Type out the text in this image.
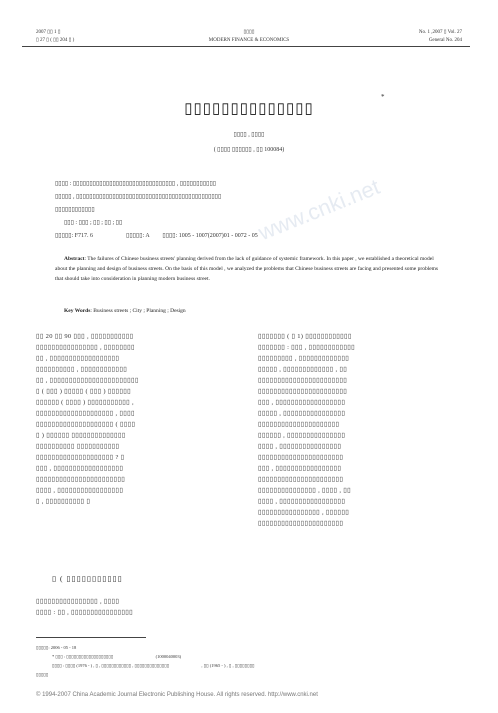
2007 ▯▯ 1 ▯
▯ 27 ▯ ( ▯▯ 204 ▯ )
▯▯▯▯
MODERN FINANCE & ECONOMICS
No. 1 ,2007 ▯ Vol. 27
General No. 204
www.cnki.net
▯▯▯▯▯▯▯▯▯▯▯▯▯▯
*
▯▯▯▯ , ▯▯▯▯
( ▯▯▯▯ ▯▯▯▯▯▯ , ▯▯ 100084)
▯▯▯▯ : ▯▯▯▯▯▯▯▯▯▯▯▯▯▯▯▯▯▯▯▯▯▯▯▯▯▯▯▯▯▯▯ , ▯▯▯▯▯▯▯▯▯▯▯
▯▯▯▯▯ , ▯▯▯▯▯▯▯▯▯▯▯▯▯▯▯▯▯▯▯▯▯▯▯▯▯▯▯▯▯▯▯▯▯▯▯▯▯▯▯▯▯▯▯▯
▯▯▯▯▯▯▯▯▯▯▯▯
▯▯▯ : ▯▯▯ ; ▯▯ ; ▯▯ ; ▯▯
▯▯▯▯▯: F717. 6	▯▯▯▯▯: A ▯▯▯▯: 1005 - 1007(2007)01 - 0072 - 05
Abstract: The failures of Chinese business streets' planning derived from the lack of guidance of systemic framework. In this paper , we established a theoretical model about the planning and design of business streets. On the basis of this model , we analyzed the problems that Chinese business streets are facing and presented some problems that should take into consideration in planning modern business street.
Key Words: Business streets ; City ; Planning ; Design
▯▯ 20 ▯▯ 90 ▯▯▯ , ▯▯▯▯▯▯▯▯▯▯▯
▯▯▯▯▯▯▯▯▯▯▯▯▯▯▯▯ , ▯▯▯▯▯▯▯▯
▯▯ , ▯▯▯▯▯▯▯▯▯▯▯▯▯▯▯▯▯▯
▯▯▯▯▯▯▯▯▯▯ , ▯▯▯▯▯▯▯▯▯▯▯▯
▯▯ , ▯▯▯▯▯▯▯▯▯▯▯▯▯▯▯▯▯▯▯▯▯▯▯
▯ ( ▯▯▯ ) ▯▯▯▯▯ ( ▯▯▯ ) ▯▯▯▯▯▯
▯▯▯▯▯▯ ( ▯▯▯▯ ) ▯▯▯▯▯▯▯▯▯▯▯ ,
▯▯▯▯▯▯▯▯▯▯▯▯▯▯▯▯▯▯▯▯ , ▯▯▯▯
▯▯▯▯▯▯▯▯▯▯▯▯▯▯▯▯▯▯▯▯ ( ▯▯▯▯
▯ ) ▯▯▯▯▯▯ ▯▯▯▯▯▯▯▯▯▯▯▯▯▯
▯▯▯▯▯▯▯▯▯▯ ▯▯▯▯▯▯▯▯▯▯▯
▯▯▯▯▯▯▯▯▯▯▯▯▯▯▯▯▯▯▯▯ ? ▯
▯▯▯ , ▯▯▯▯▯▯▯▯▯▯▯▯▯▯▯▯▯▯
▯▯▯▯▯▯▯▯▯▯▯▯▯▯▯▯▯▯▯▯▯▯▯
▯▯▯▯ , ▯▯▯▯▯▯▯▯▯▯▯▯▯▯▯▯▯
▯ , ▯▯▯▯▯▯▯▯▯▯ ▯
▯ ( ▯▯▯▯▯▯▯▯▯▯▯
▯▯▯▯▯▯▯▯▯▯▯▯▯▯▯▯ , ▯▯▯▯
▯▯▯▯ : ▯▯ , ▯▯▯▯▯▯▯▯▯▯▯▯▯▯▯▯
▯▯▯▯▯▯▯ ( ▯ 1) ▯▯▯▯▯▯▯▯▯▯▯▯
▯▯▯▯▯▯▯ : ▯▯▯ , ▯▯▯▯▯▯▯▯▯▯▯▯
▯▯▯▯▯▯▯▯▯ , ▯▯▯▯▯▯▯▯▯▯▯▯▯
▯▯▯▯▯ , ▯▯▯▯▯▯▯▯▯▯▯▯▯ , ▯▯
▯▯▯▯▯▯▯▯▯▯▯▯▯▯▯▯▯▯▯▯▯▯▯
▯▯▯▯▯▯▯▯▯▯▯▯▯▯▯▯▯▯▯▯▯▯▯
▯▯▯ , ▯▯▯▯▯▯▯▯▯▯▯▯▯▯▯▯▯▯
▯▯▯▯▯ , ▯▯▯▯▯▯▯▯▯▯▯▯▯▯▯▯
▯▯▯▯▯▯▯▯▯▯▯▯▯▯▯▯▯▯▯▯▯
▯▯▯▯▯▯ , ▯▯▯▯▯▯▯▯▯▯▯▯▯▯▯
▯▯▯▯ , ▯▯▯▯▯▯▯▯▯▯▯▯▯▯▯▯
▯▯▯▯▯▯▯▯▯▯▯▯▯▯▯▯▯▯▯▯▯▯
▯▯▯ , ▯▯▯▯▯▯▯▯▯▯▯▯▯▯▯▯▯
▯▯▯▯▯▯▯▯▯▯▯▯▯▯▯▯▯▯▯▯▯▯
▯▯▯▯▯▯▯▯▯▯▯▯▯▯▯ , ▯▯▯▯ , ▯▯
▯▯▯▯ , ▯▯▯▯▯▯▯▯▯▯▯▯▯▯▯▯▯
▯▯▯▯▯▯▯▯▯▯▯▯▯▯▯▯ , ▯▯▯▯▯▯
▯▯▯▯▯▯▯▯▯▯▯▯▯▯▯▯▯▯▯▯▯▯
▯▯▯▯▯: 2006 - 05 - 18
* ▯▯▯ : ▯▯▯▯▯▯▯▯▯▯▯▯▯▯▯▯▯▯▯	(1000040003)
▯▯▯▯ : ▯▯▯▯ (1976 - ) , ▯ , ▯▯▯▯▯▯▯▯▯▯▯▯ , ▯▯▯▯▯▯▯▯▯▯▯▯▯▯	, ▯▯ (1965 - ) , ▯ , ▯▯▯▯▯▯▯▯
▯▯▯▯▯
© 1994-2007 China Academic Journal Electronic Publishing House. All rights reserved. http://www.cnki.net
